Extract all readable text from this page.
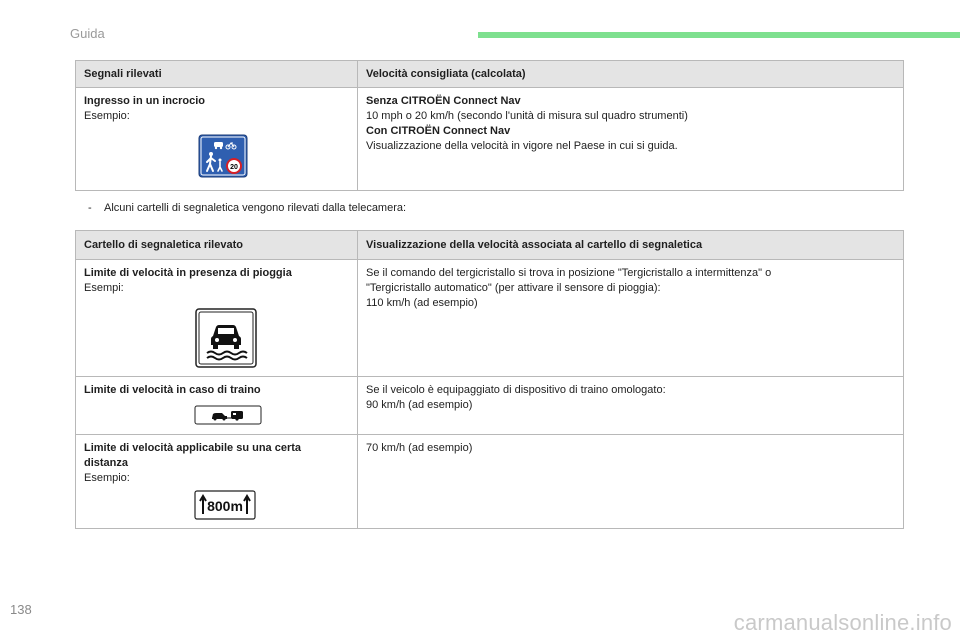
Guida
Segnali rilevati	Velocità consigliata (calcolata)

Ingresso in un incrocio
Esempio:
20	Senza CITROËN Connect Nav
10 mph o 20 km/h (secondo l'unità di misura sul quadro strumenti)
Con CITROËN Connect Nav
Visualizzazione della velocità in vigore nel Paese in cui si guida.
- Alcuni cartelli di segnaletica vengono rilevati dalla telecamera:
Cartello di segnaletica rilevato	Visualizzazione della velocità associata al cartello di segnaletica

Limite di velocità in presenza di pioggia
Esempi:	Se il comando del tergicristallo si trova in posizione "Tergicristallo a intermittenza" o
"Tergicristallo automatico" (per attivare il sensore di pioggia):
110 km/h (ad esempio)

Limite di velocità in caso di traino	Se il veicolo è equipaggiato di dispositivo di traino omologato:
90 km/h (ad esempio)

Limite di velocità applicabile su una certa
distanza
Esempio:
800m	70 km/h (ad esempio)
138
carmanualsonline.info
